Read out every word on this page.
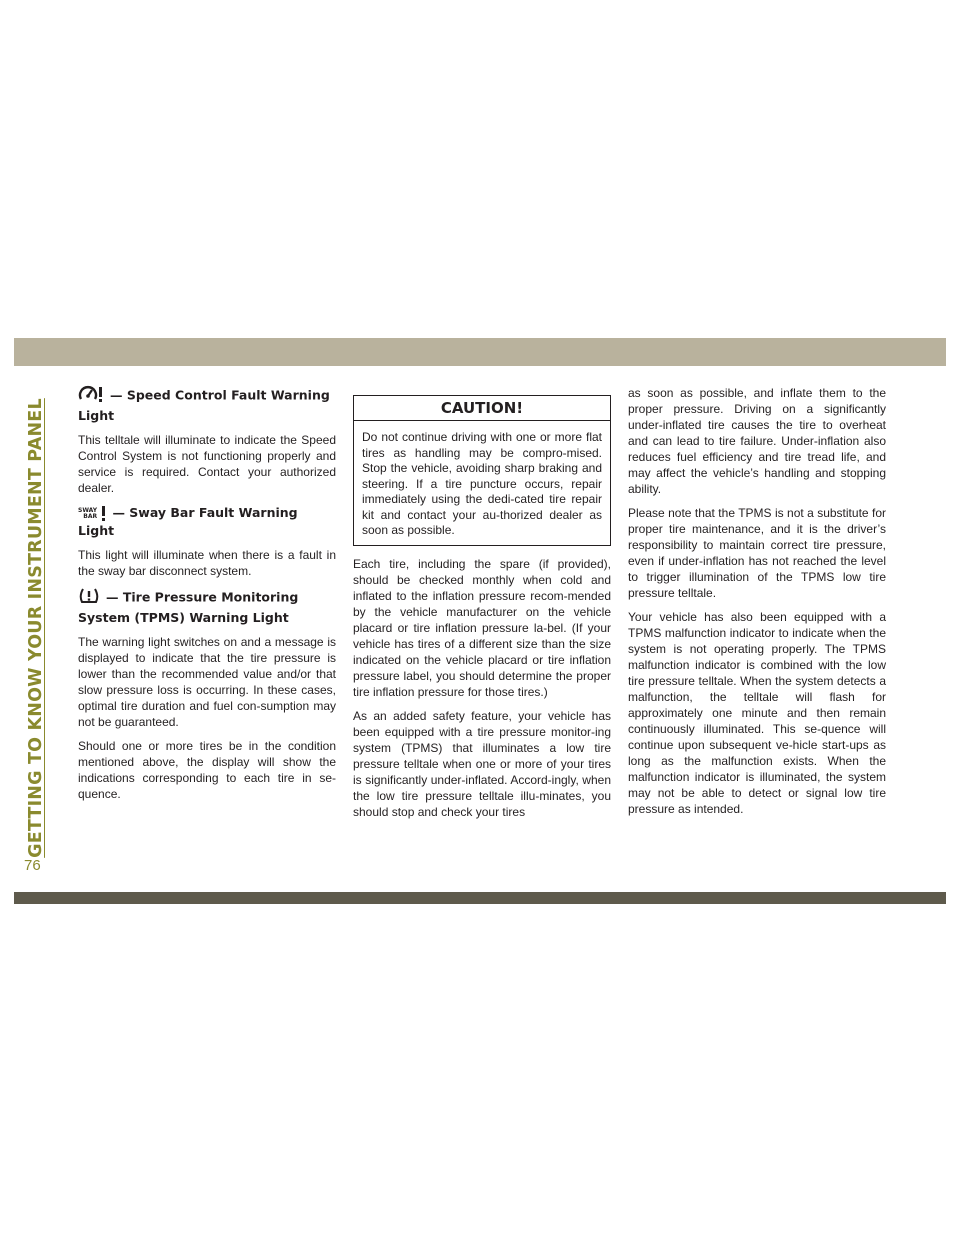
GETTING TO KNOW YOUR INSTRUMENT PANEL
— Speed Control Fault Warning Light

This telltale will illuminate to indicate the Speed Control System is not functioning properly and service is required. Contact your authorized dealer.

SWAY
BAR — Sway Bar Fault Warning Light

This light will illuminate when there is a fault in the sway bar disconnect system.

— Tire Pressure Monitoring System (TPMS) Warning Light

The warning light switches on and a message is displayed to indicate that the tire pressure is lower than the recommended value and/or that slow pressure loss is occurring. In these cases, optimal tire duration and fuel con-sumption may not be guaranteed.

Should one or more tires be in the condition mentioned above, the display will show the indications corresponding to each tire in se-quence.

CAUTION!
Do not continue driving with one or more flat tires as handling may be compro-mised. Stop the vehicle, avoiding sharp braking and steering. If a tire puncture occurs, repair immediately using the dedi-cated tire repair kit and contact your au-thorized dealer as soon as possible.

Each tire, including the spare (if provided), should be checked monthly when cold and inflated to the inflation pressure recom-mended by the vehicle manufacturer on the vehicle placard or tire inflation pressure la-bel. (If your vehicle has tires of a different size than the size indicated on the vehicle placard or tire inflation pressure label, you should determine the proper tire inflation pressure for those tires.)

As an added safety feature, your vehicle has been equipped with a tire pressure monitor-ing system (TPMS) that illuminates a low tire pressure telltale when one or more of your tires is significantly under-inflated. Accord-ingly, when the low tire pressure telltale illu-minates, you should stop and check your tires

as soon as possible, and inflate them to the proper pressure. Driving on a significantly under-inflated tire causes the tire to overheat and can lead to tire failure. Under-inflation also reduces fuel efficiency and tire tread life, and may affect the vehicle’s handling and stopping ability.

Please note that the TPMS is not a substitute for proper tire maintenance, and it is the driver’s responsibility to maintain correct tire pressure, even if under-inflation has not reached the level to trigger illumination of the TPMS low tire pressure telltale.

Your vehicle has also been equipped with a TPMS malfunction indicator to indicate when the system is not operating properly. The TPMS malfunction indicator is combined with the low tire pressure telltale. When the system detects a malfunction, the telltale will flash for approximately one minute and then remain continuously illuminated. This se-quence will continue upon subsequent ve-hicle start-ups as long as the malfunction exists. When the malfunction indicator is illuminated, the system may not be able to detect or signal low tire pressure as intended.

76
